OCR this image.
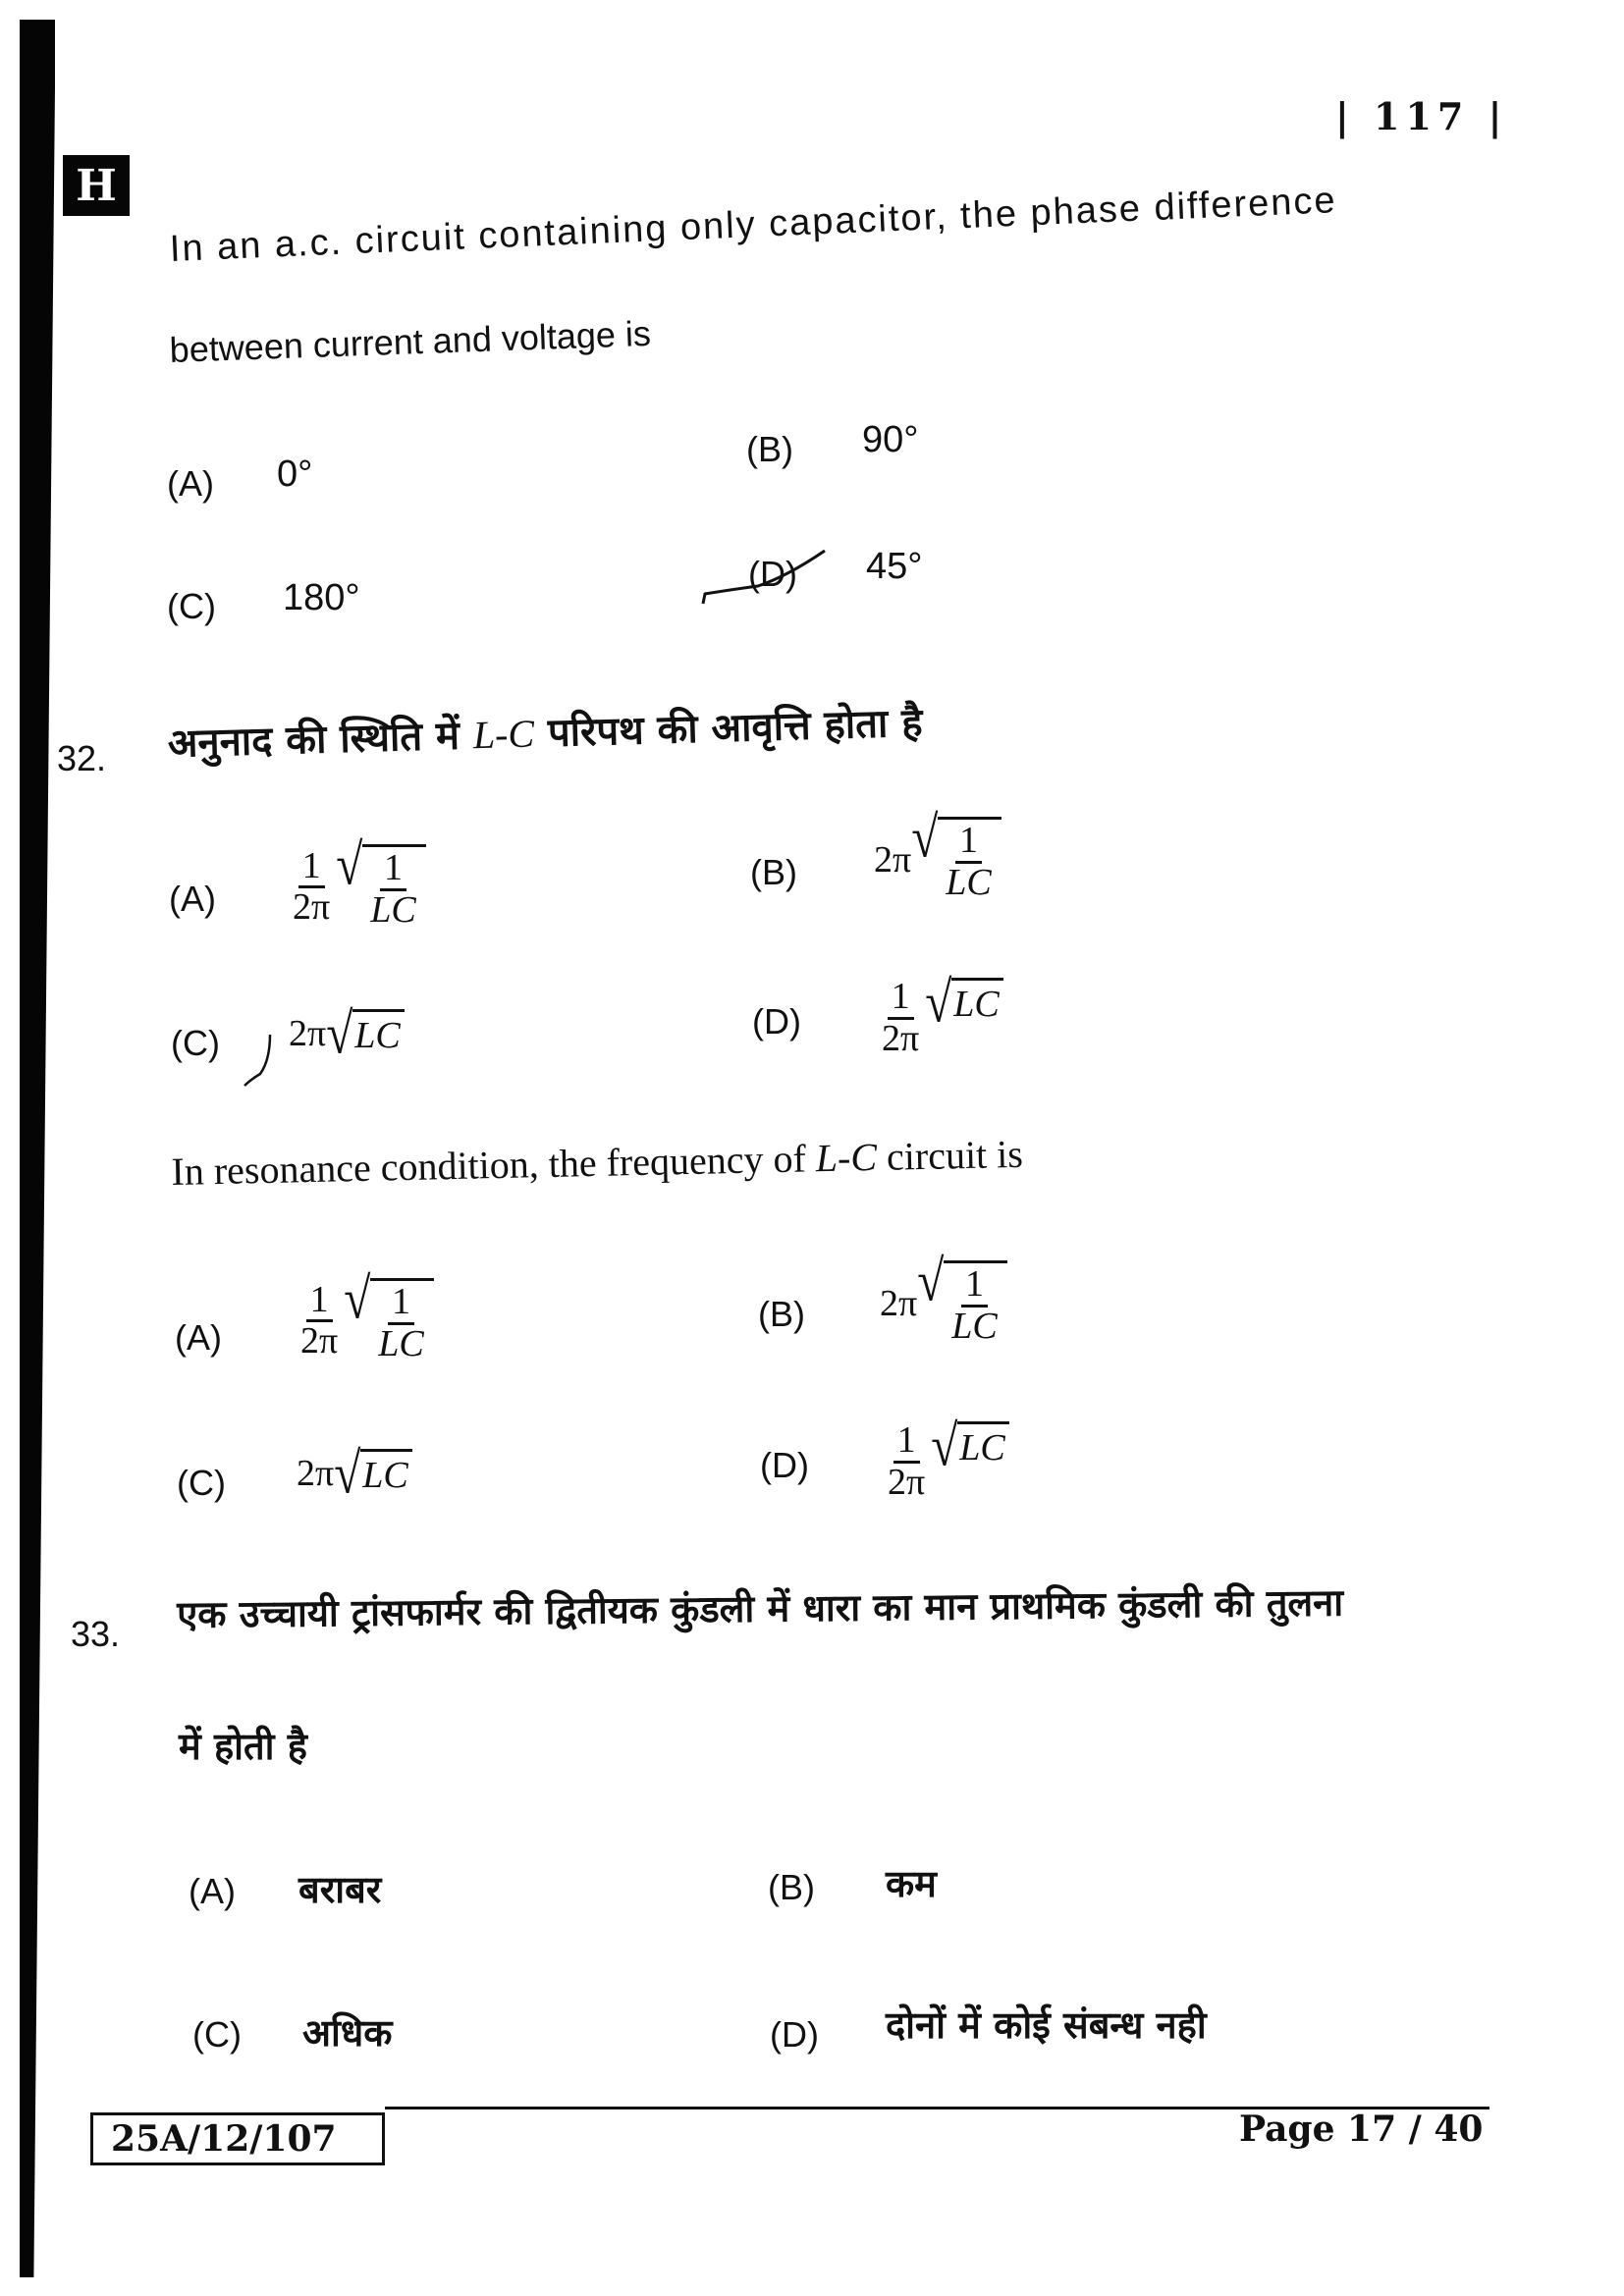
| 117 |
H	In an a.c. circuit containing only capacitor, the phase difference
between current and voltage is
(A) 0°
(B) 90°
(C) 180°
(D) 45°
32. अनुनाद की स्थिति में L-C परिपथ की आवृत्ति होता है
$(A) \frac{1}{2\pi}$ √ $\frac{1}{LC}$	(B) 2π √ $\frac{1}{LC}$
(C) 2π √ LC	$(D) \frac{1}{2\pi}$ √ LC
In resonance condition, the frequency of L-C circuit is
$(A) \frac{1}{2\pi}$ √ $\frac{1}{LC}$	(B) 2π √ $\frac{1}{LC}$
(C) 2π √ LC	$(D) \frac{1}{2\pi}$ √ LC
33. एक उच्चायी ट्रांसफार्मर की द्वितीयक कुंडली में धारा का मान प्राथमिक कुंडली की तुलना
में होती है
(A) बराबर	(B) कम
(C) अधिक	(D) दोनों में कोई संबन्ध नही
25A/12/107	Page 17 / 40
